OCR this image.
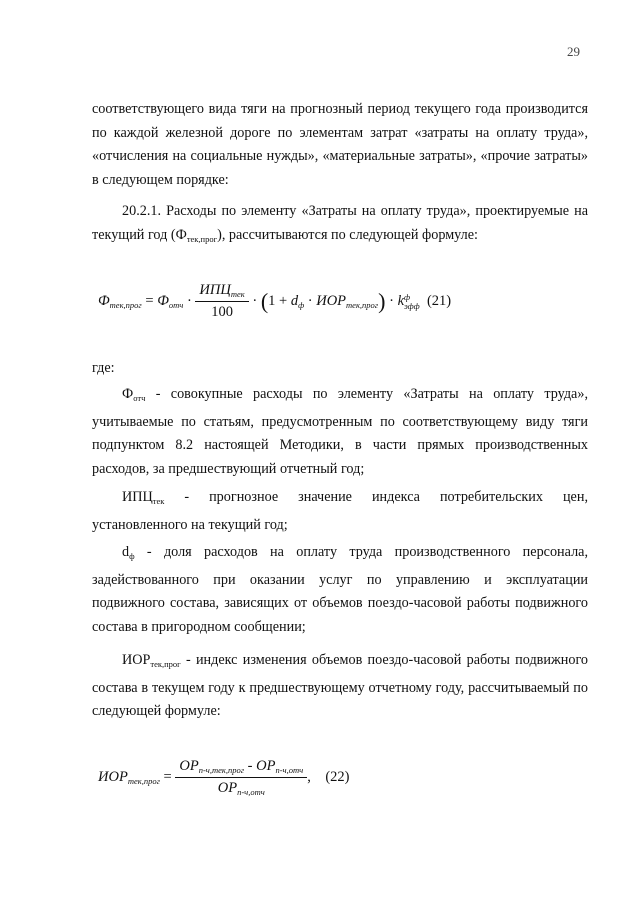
29
соответствующего вида тяги на прогнозный период текущего года производится по каждой железной дороге по элементам затрат «затраты на оплату труда», «отчисления на социальные нужды», «материальные затраты», «прочие затраты» в следующем порядке:
20.2.1. Расходы по элементу «Затраты на оплату труда», проектируемые на текущий год $(Ф_{тек,прог})$, рассчитываются по следующей формуле:
$Ф_{тек,прог} = Ф_{отч} \cdot \frac{ИПЦ_{тек}}{100} \cdot (1 + d_ф \cdot ИОР_{тек,прог}) \cdot k$ ф
эфф (21)
где:
$Ф_{отч}$ - совокупные расходы по элементу «Затраты на оплату труда», учитываемые по статьям, предусмотренным по соответствующему виду тяги подпунктом 8.2 настоящей Методики, в части прямых производственных расходов, за предшествующий отчетный год;
$ИПЦ_{тек}$ - прогнозное значение индекса потребительских цен, установленного на текущий год;
$d_ф$ - доля расходов на оплату труда производственного персонала, задействованного при оказании услуг по управлению и эксплуатации подвижного состава, зависящих от объемов поездо-часовой работы подвижного состава в пригородном сообщении;
$ИОР_{тек,прог}$ - индекс изменения объемов поездо-часовой работы подвижного состава в текущем году к предшествующему отчетному году, рассчитываемый по следующей формуле:
$ИОР_{тек,прог} = \frac{ОР_{п-ч,тек,прог} - ОР_{п-ч,отч}}{ОР_{п-ч,отч}}$ , (22)
